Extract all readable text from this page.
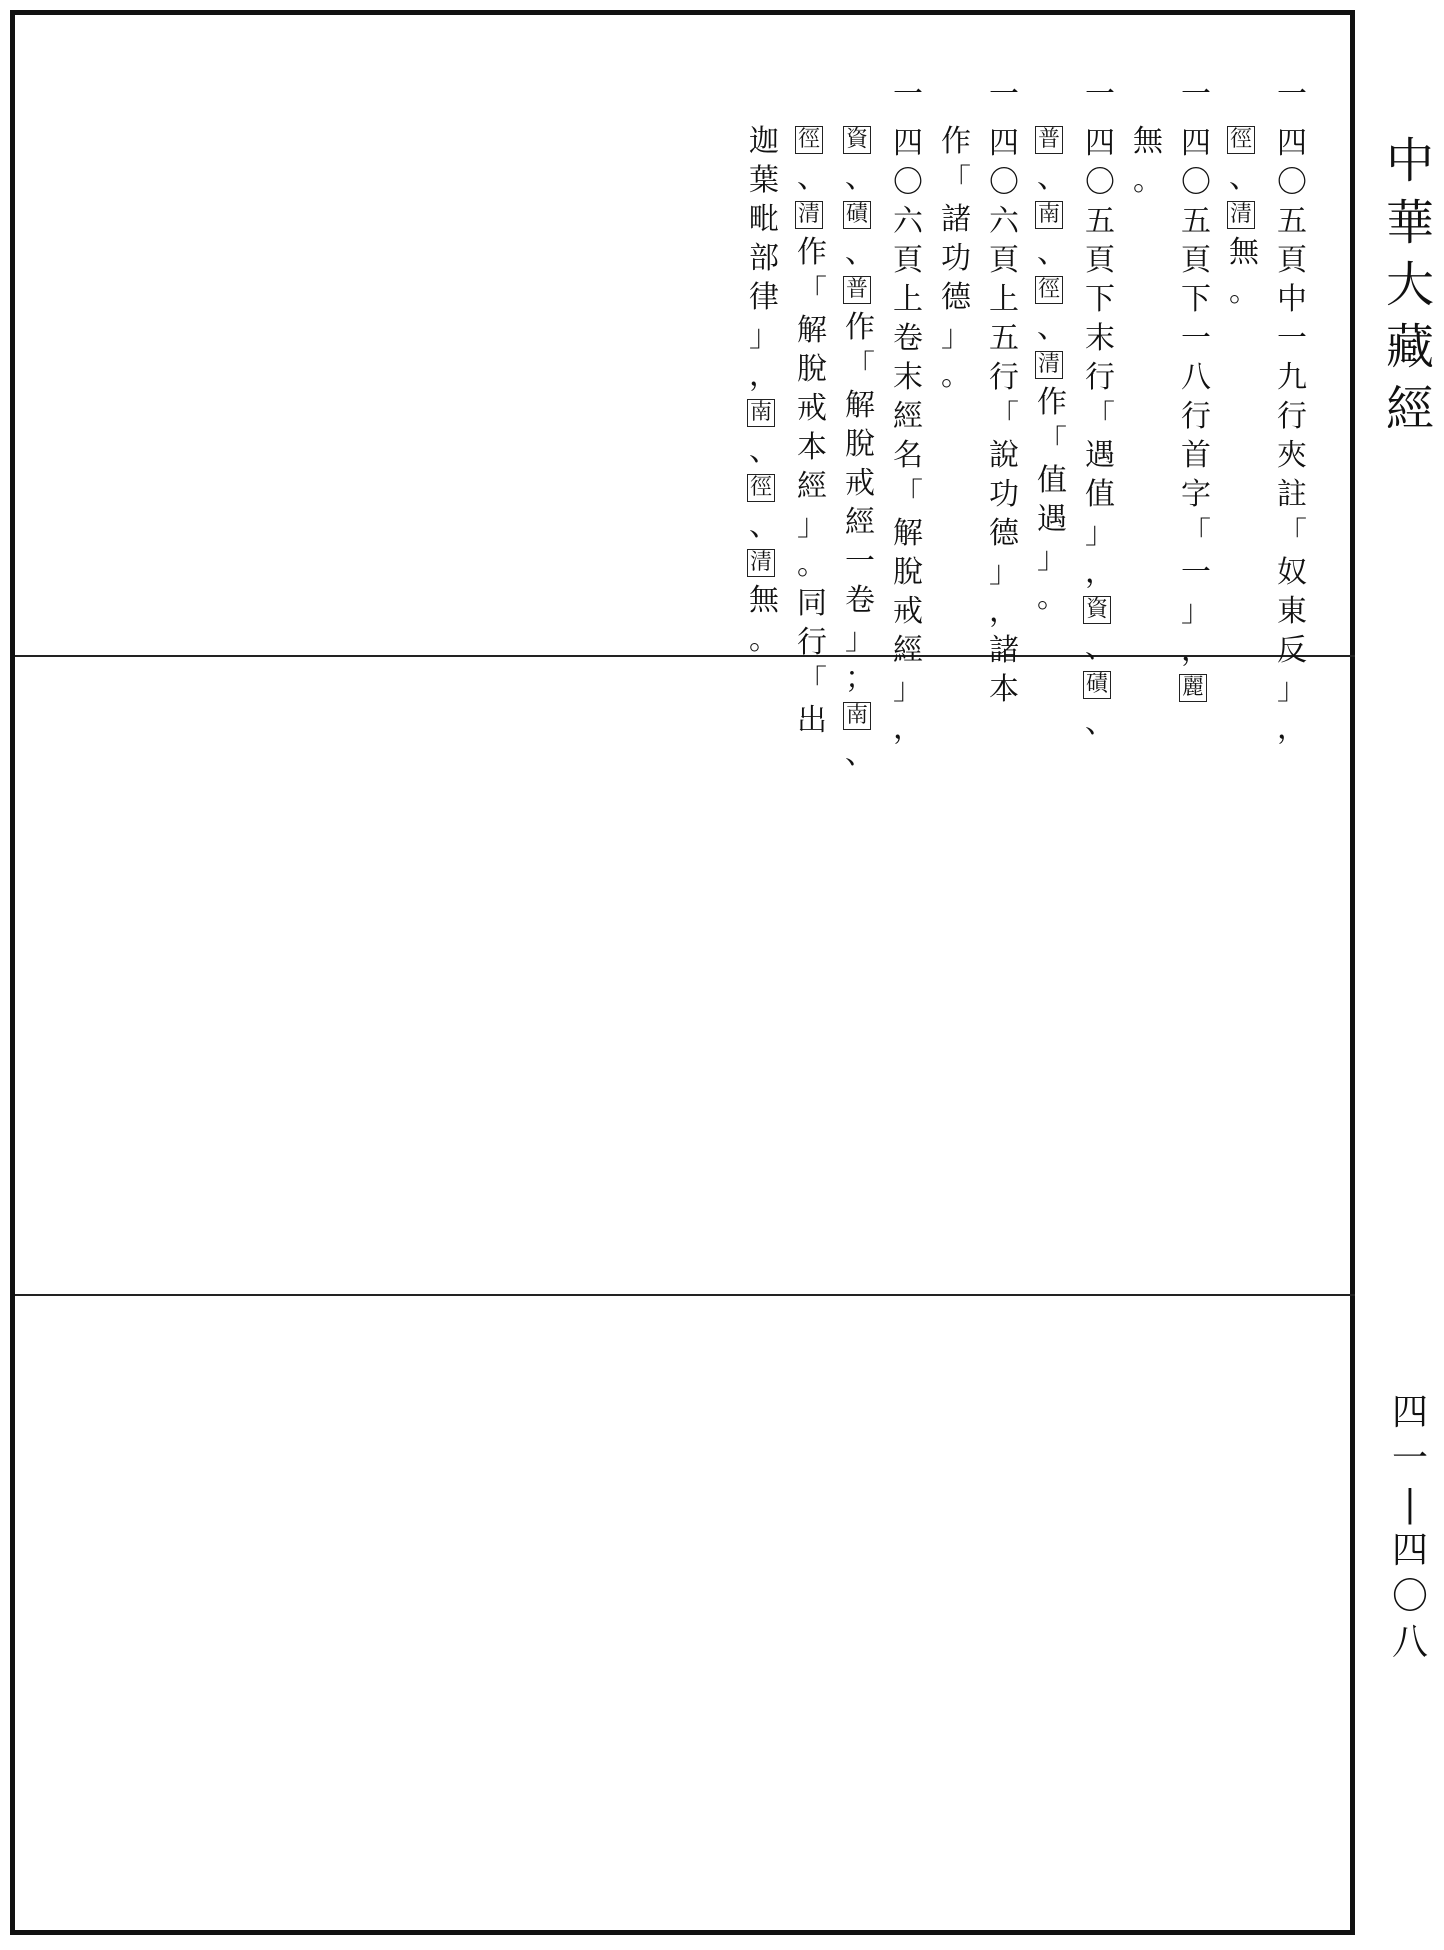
中
華
大
藏
經
四
一
|
四
〇
八
一
四
〇
五
頁
中
一
九
行
夾
註
「
奴
東
反
」
，
徑
、
清
無
。
一
四
〇
五
頁
下
一
八
行
首
字
「
一
」
，
麗
無
。
一
四
〇
五
頁
下
末
行
「
遇
值
」
，
資
、
磧
、
普
、
南
、
徑
、
清
作
「
值
遇
」
。
一
四
〇
六
頁
上
五
行
「
說
功
德
」
，
諸
本
作
「
諸
功
德
」
。
一
四
〇
六
頁
上
卷
末
經
名
「
解
脫
戒
經
」
，
資
、
磧
、
普
作
「
解
脫
戒
經
一
卷
」
；
南
、
徑
、
清
作
「
解
脫
戒
本
經
」
。
同
行
「
出
迦
葉
毗
部
律
」
，
南
、
徑
、
清
無
。
